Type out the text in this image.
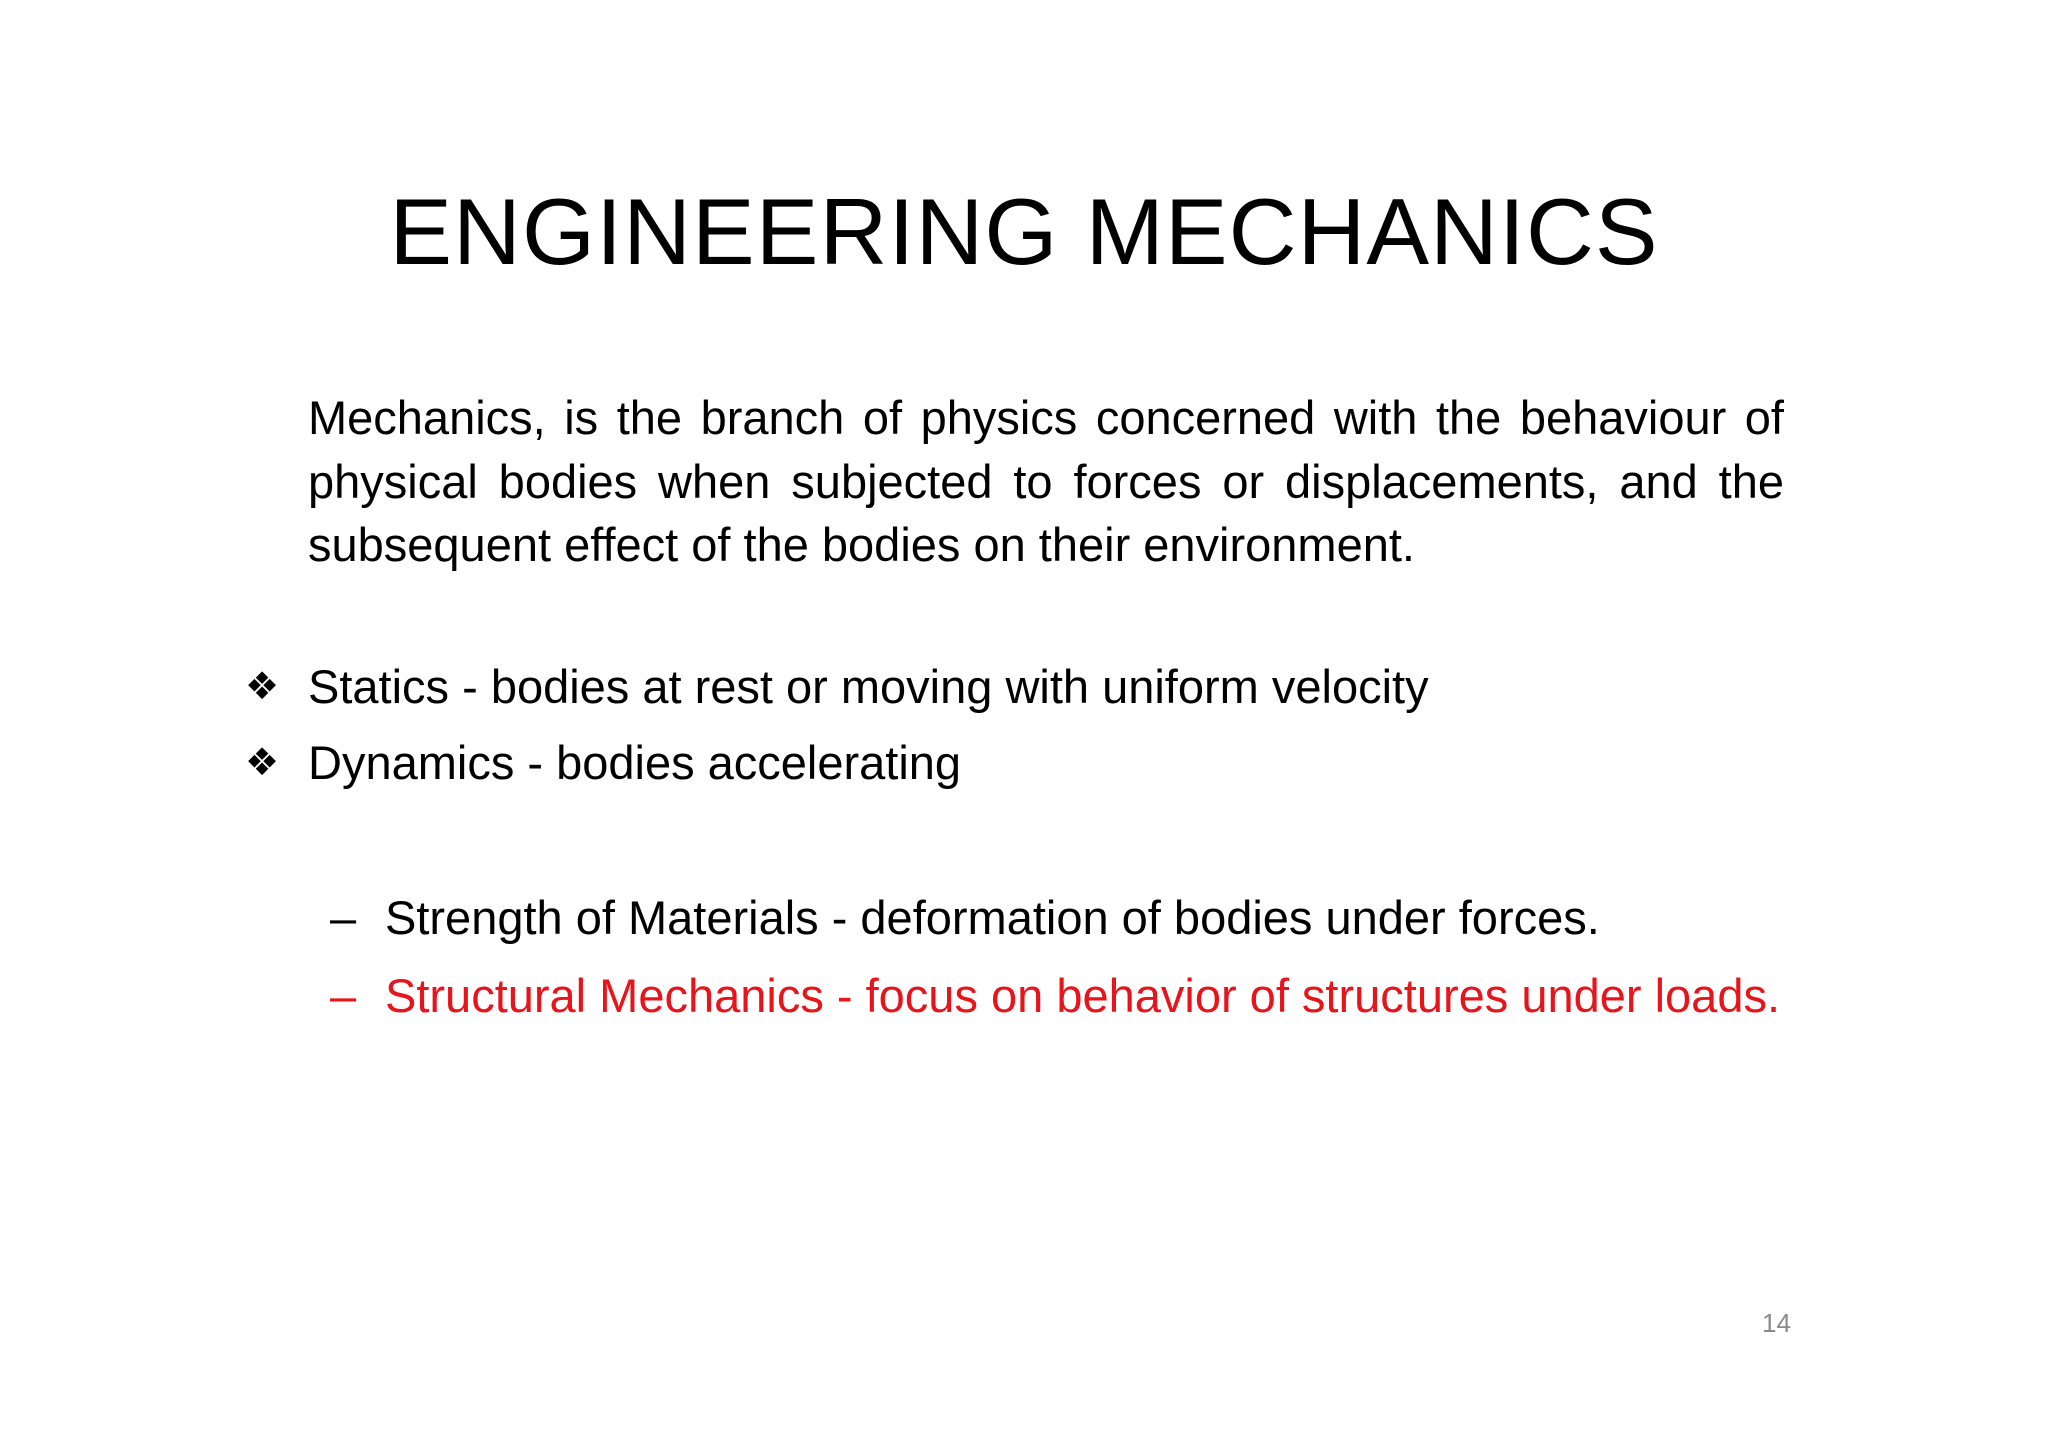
ENGINEERING MECHANICS
Mechanics, is the branch of physics concerned with the behaviour of physical bodies when subjected to forces or displacements, and the subsequent effect of the bodies on their environment.
❖ Statics - bodies at rest or moving with uniform velocity
❖ Dynamics - bodies accelerating
– Strength of Materials - deformation of bodies under forces.
– Structural Mechanics - focus on behavior of structures under loads.
14
